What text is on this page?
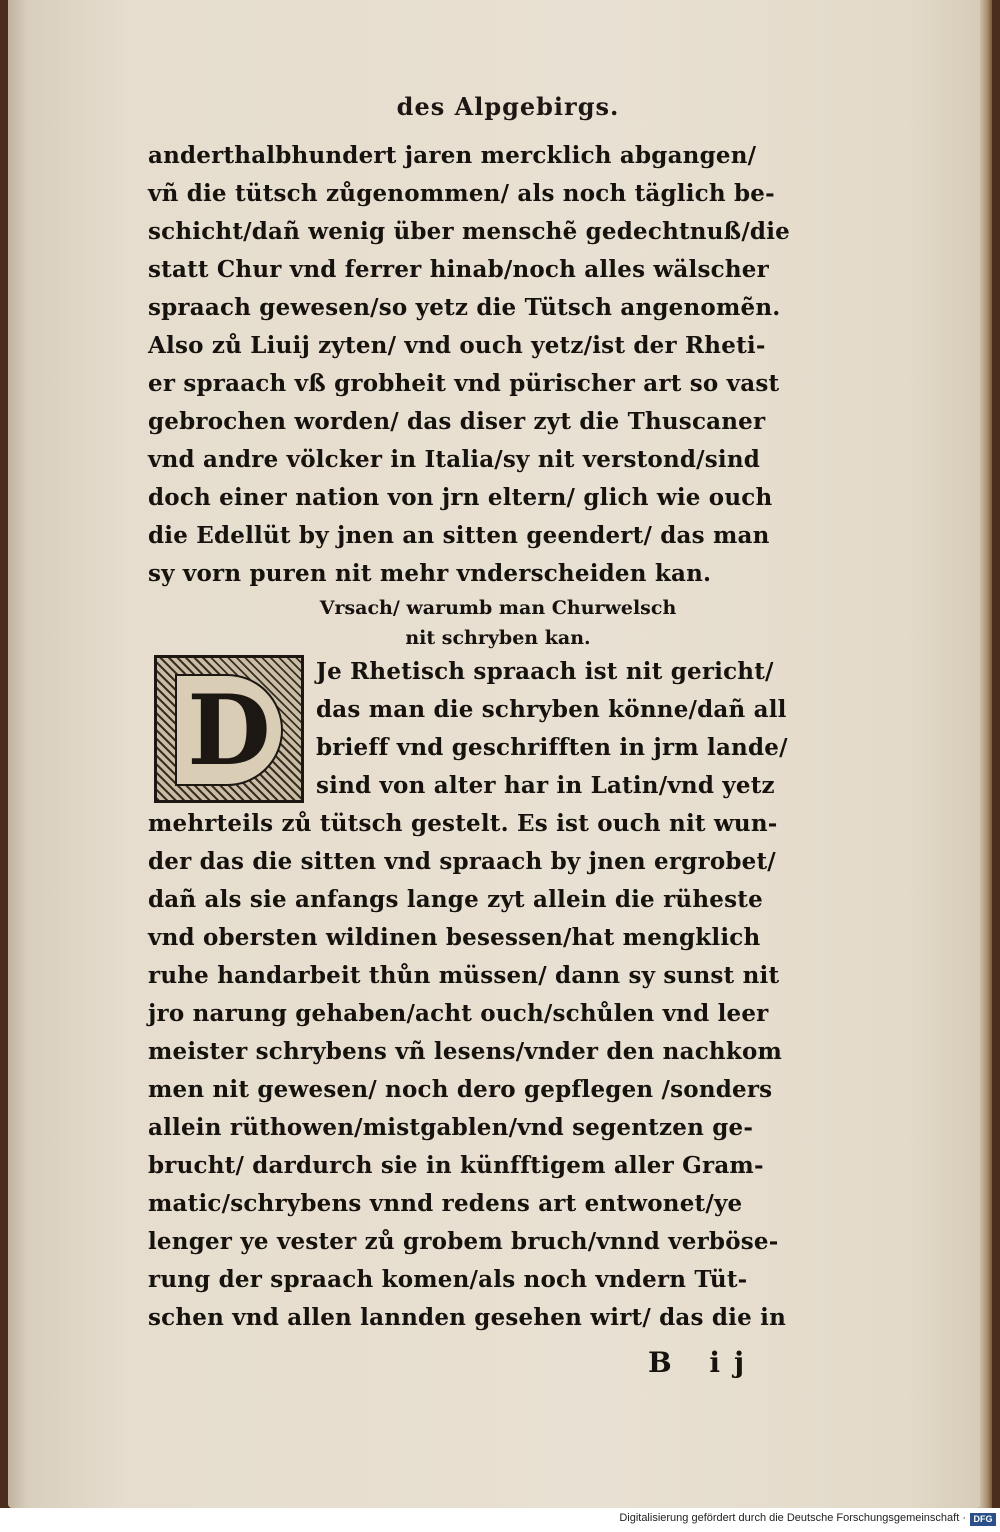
des Alpgebirgs.
anderthalbhundert jaren mercklich abgangen/
vñ die tütsch zůgenommen/ als noch täglich be-
schicht/dañ wenig über menschẽ gedechtnuß/die
statt Chur vnd ferrer hinab/noch alles wälscher
spraach gewesen/so yetz die Tütsch angenomẽn.
Also zů Liuij zyten/ vnd ouch yetz/ist der Rheti-
er spraach vß grobheit vnd pürischer art so vast
gebrochen worden/ das diser zyt die Thuscaner
vnd andre völcker in Italia/sy nit verstond/sind
doch einer nation von jrn eltern/ glich wie ouch
die Edellüt by jnen an sitten geendert/ das man
sy vorn puren nit mehr vnderscheiden kan.
Vrsach/ warumb man Churwelsch
nit schryben kan.
D
Je Rhetisch spraach ist nit gericht/
das man die schryben könne/dañ all
brieff vnd geschrifften in jrm lande/
sind von alter har in Latin/vnd yetz
mehrteils zů tütsch gestelt. Es ist ouch nit wun-
der das die sitten vnd spraach by jnen ergrobet/
dañ als sie anfangs lange zyt allein die rüheste
vnd obersten wildinen besessen/hat mengklich
ruhe handarbeit thůn müssen/ dann sy sunst nit
jro narung gehaben/acht ouch/schůlen vnd leer
meister schrybens vñ lesens/vnder den nachkom
men nit gewesen/ noch dero gepflegen /sonders
allein rüthowen/mistgablen/vnd segentzen ge-
brucht/ dardurch sie in künfftigem aller Gram-
matic/schrybens vnnd redens art entwonet/ye
lenger ye vester zů grobem bruch/vnnd verböse-
rung der spraach komen/als noch vndern Tüt-
schen vnd allen lannden gesehen wirt/ das die in
B ij
Digitalisierung gefördert durch die Deutsche Forschungsgemeinschaft · DFG
